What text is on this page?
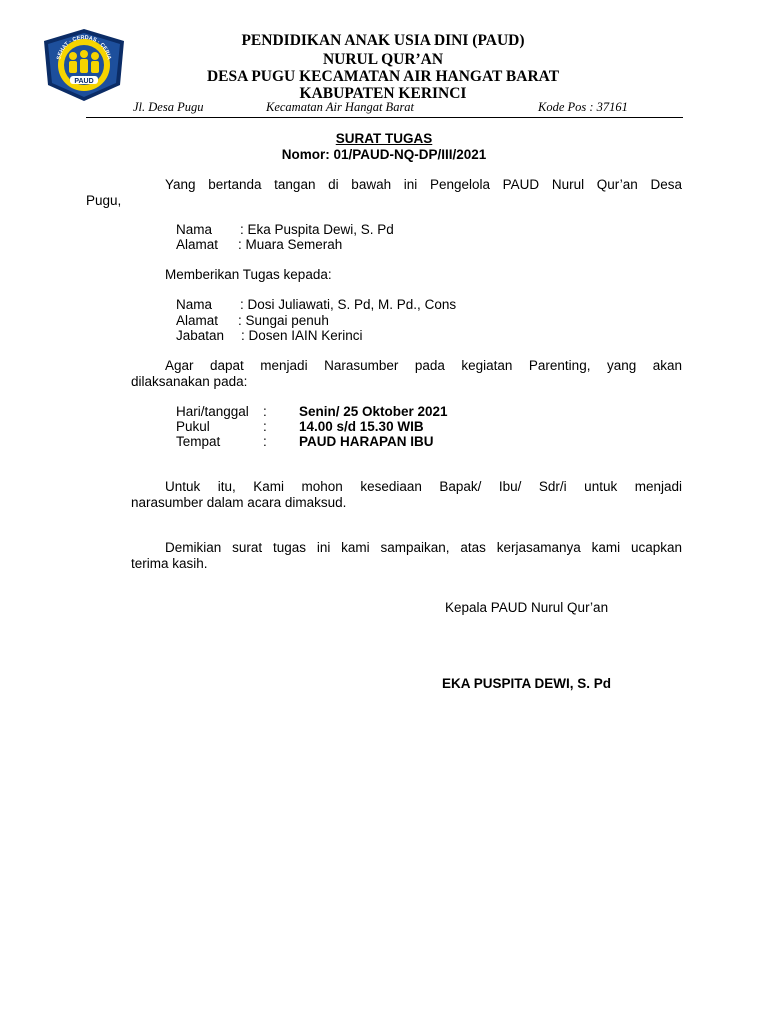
PAUD
SEHAT · CERDAS · CERIA
PENDIDIKAN ANAK USIA DINI (PAUD)
NURUL QUR’AN
DESA PUGU KECAMATAN AIR HANGAT BARAT
KABUPATEN KERINCI
Jl. Desa Pugu	Kecamatan Air Hangat Barat	Kode Pos : 37161
SURAT TUGAS
Nomor: 01/PAUD-NQ-DP/III/2021
Yang bertanda tangan di bawah ini Pengelola PAUD Nurul Qur’an Desa
Pugu,
Nama : Eka Puspita Dewi, S. Pd
Alamat : Muara Semerah
Memberikan Tugas kepada:
Nama : Dosi Juliawati, S. Pd, M. Pd., Cons
Alamat : Sungai penuh
Jabatan : Dosen IAIN Kerinci
Agar dapat menjadi Narasumber pada kegiatan Parenting, yang akan
dilaksanakan pada:
Hari/tanggal : Senin/ 25 Oktober 2021
Pukul	: 14.00 s/d 15.30 WIB
Tempat	: PAUD HARAPAN IBU
Untuk itu, Kami mohon kesediaan Bapak/ Ibu/ Sdr/i untuk menjadi
narasumber dalam acara dimaksud.
Demikian surat tugas ini kami sampaikan, atas kerjasamanya kami ucapkan
terima kasih.
Kepala PAUD Nurul Qur’an
EKA PUSPITA DEWI, S. Pd
